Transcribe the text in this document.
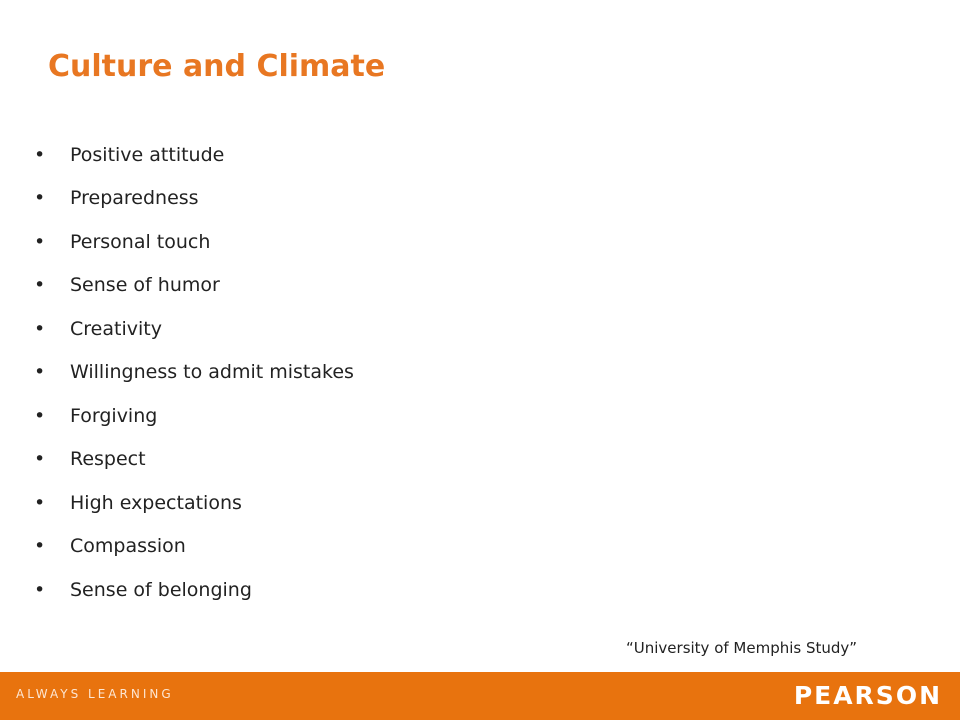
Culture and Climate
•	Positive attitude
•	Preparedness
•	Personal touch
•	Sense of humor
•	Creativity
•	Willingness to admit mistakes
•	Forgiving
•	Respect
•	High expectations
•	Compassion
•	Sense of belonging
“University of Memphis Study”
ALWAYS LEARNING	PEARSON
